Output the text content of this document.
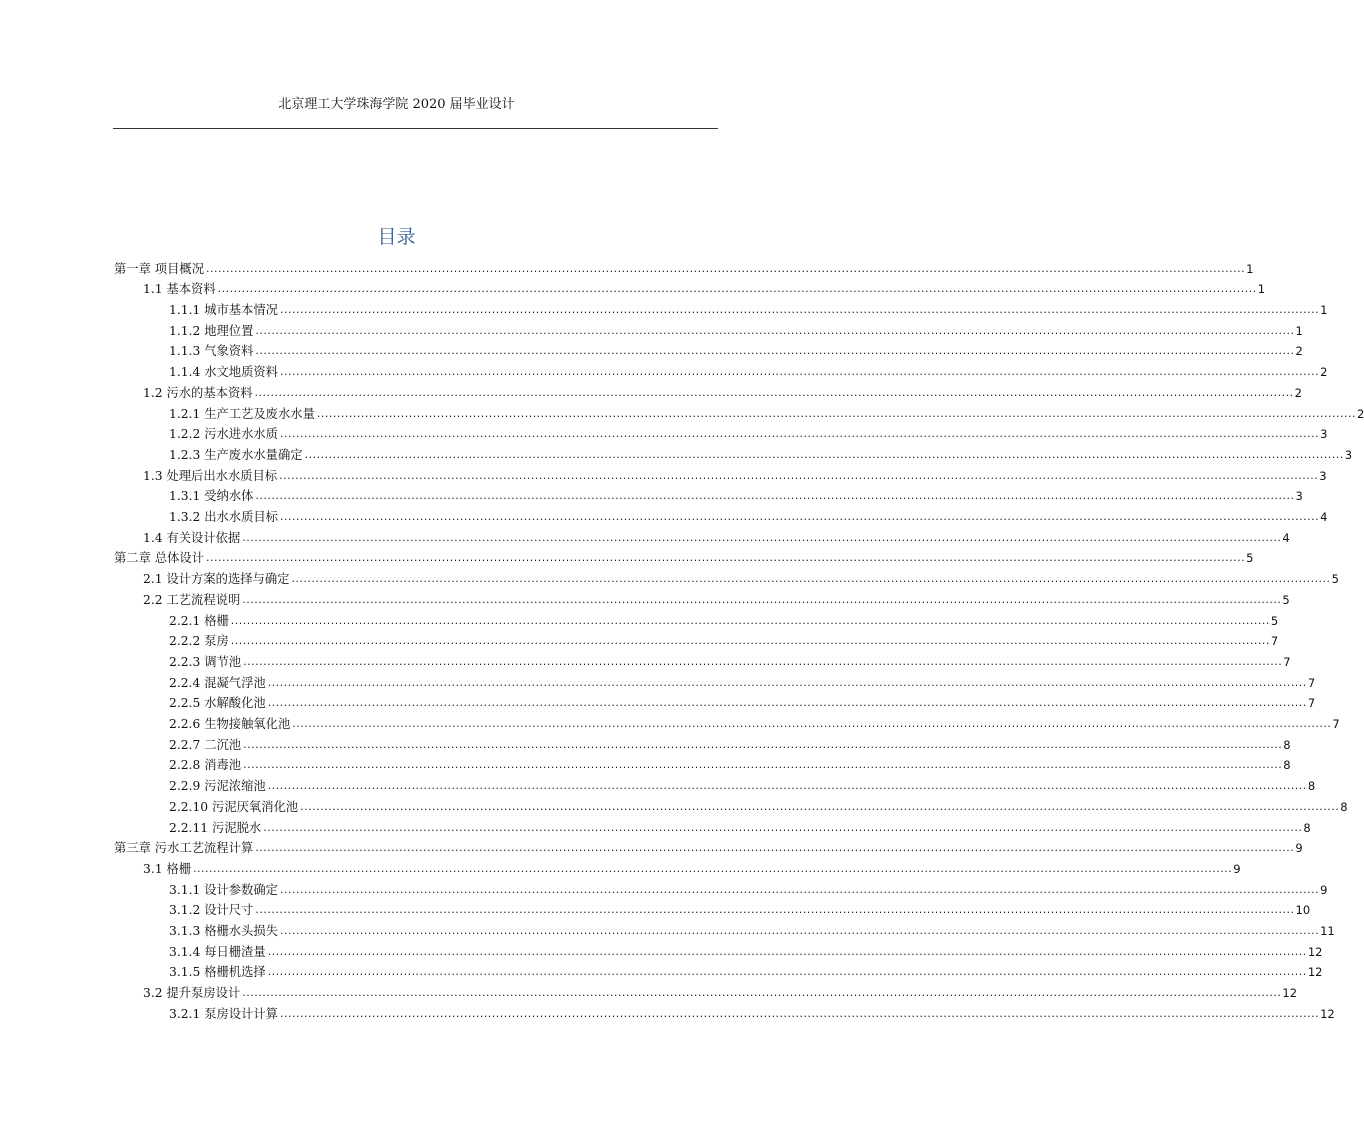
北京理工大学珠海学院 2020 届毕业设计
目录
第一章 项目概况 .................................................................................................................................................................................................................................................................... 1
1.1 基本资料 .................................................................................................................................................................................................................................................................... 1
1.1.1 城市基本情况 .................................................................................................................................................................................................................................................................... 1
1.1.2 地理位置 .................................................................................................................................................................................................................................................................... 1
1.1.3 气象资料 .................................................................................................................................................................................................................................................................... 2
1.1.4 水文地质资料 .................................................................................................................................................................................................................................................................... 2
1.2 污水的基本资料 .................................................................................................................................................................................................................................................................... 2
1.2.1 生产工艺及废水水量 .................................................................................................................................................................................................................................................................... 2
1.2.2 污水进水水质 .................................................................................................................................................................................................................................................................... 3
1.2.3 生产废水水量确定 .................................................................................................................................................................................................................................................................... 3
1.3 处理后出水水质目标 .................................................................................................................................................................................................................................................................... 3
1.3.1 受纳水体 .................................................................................................................................................................................................................................................................... 3
1.3.2 出水水质目标 .................................................................................................................................................................................................................................................................... 4
1.4 有关设计依据 .................................................................................................................................................................................................................................................................... 4
第二章 总体设计 .................................................................................................................................................................................................................................................................... 5
2.1 设计方案的选择与确定 .................................................................................................................................................................................................................................................................... 5
2.2 工艺流程说明 .................................................................................................................................................................................................................................................................... 5
2.2.1 格栅 .................................................................................................................................................................................................................................................................... 5
2.2.2 泵房 .................................................................................................................................................................................................................................................................... 7
2.2.3 调节池 .................................................................................................................................................................................................................................................................... 7
2.2.4 混凝气浮池 .................................................................................................................................................................................................................................................................... 7
2.2.5 水解酸化池 .................................................................................................................................................................................................................................................................... 7
2.2.6 生物接触氧化池 .................................................................................................................................................................................................................................................................... 7
2.2.7 二沉池 .................................................................................................................................................................................................................................................................... 8
2.2.8 消毒池 .................................................................................................................................................................................................................................................................... 8
2.2.9 污泥浓缩池 .................................................................................................................................................................................................................................................................... 8
2.2.10 污泥厌氧消化池 .................................................................................................................................................................................................................................................................... 8
2.2.11 污泥脱水 .................................................................................................................................................................................................................................................................... 8
第三章 污水工艺流程计算 .................................................................................................................................................................................................................................................................... 9
3.1 格栅 .................................................................................................................................................................................................................................................................... 9
3.1.1 设计参数确定 .................................................................................................................................................................................................................................................................... 9
3.1.2 设计尺寸 .................................................................................................................................................................................................................................................................... 10
3.1.3 格栅水头损失 .................................................................................................................................................................................................................................................................... 11
3.1.4 每日栅渣量 .................................................................................................................................................................................................................................................................... 12
3.1.5 格栅机选择 .................................................................................................................................................................................................................................................................... 12
3.2 提升泵房设计 .................................................................................................................................................................................................................................................................... 12
3.2.1 泵房设计计算 .................................................................................................................................................................................................................................................................... 12
